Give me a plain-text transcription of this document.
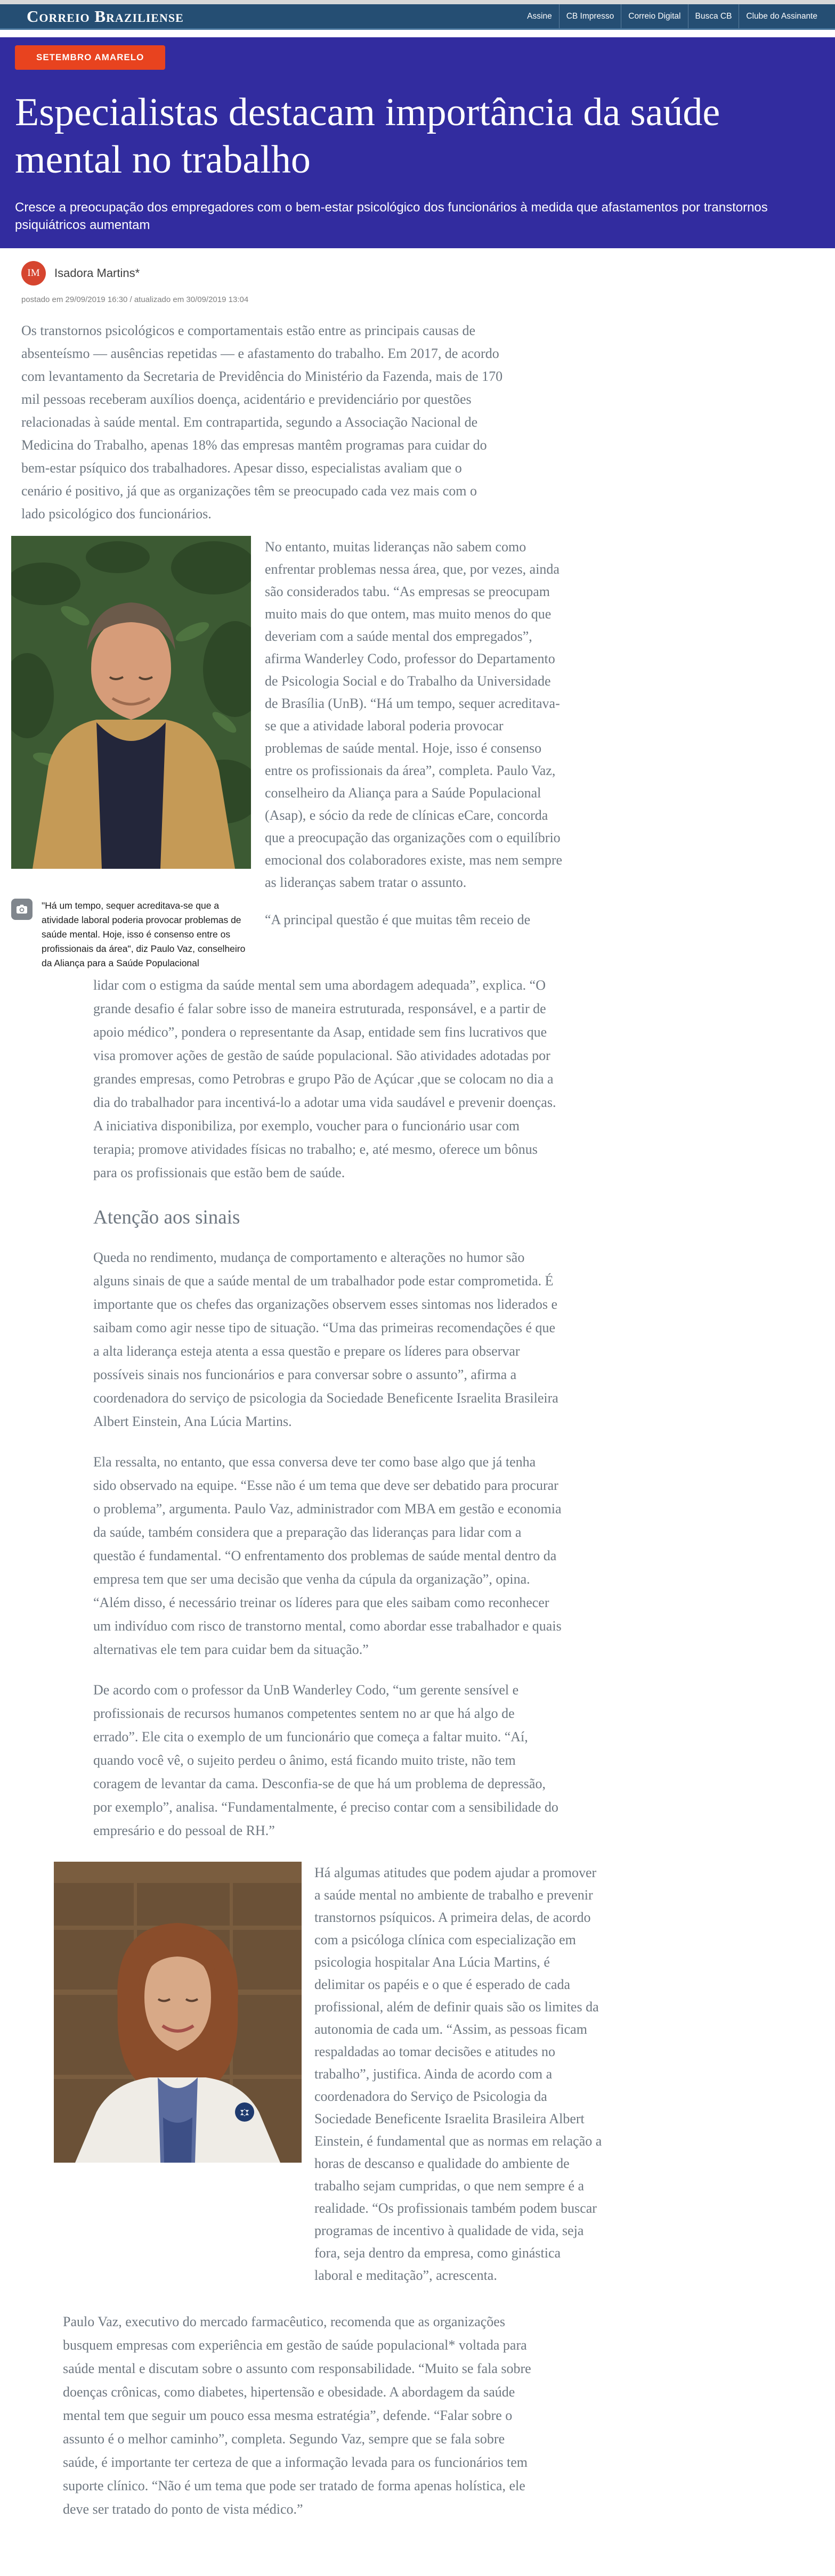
Correio Braziliense	Assine	CB Impresso	Correio Digital	Busca CB	Clube do Assinante
SETEMBRO AMARELO
Especialistas destacam importância da saúde mental no trabalho

Cresce a preocupação dos empregadores com o bem-estar psicológico dos funcionários à medida que afastamentos por transtornos psiquiátricos aumentam

IM	Isadora Martins*
postado em 29/09/2019 16:30 / atualizado em 30/09/2019 13:04

Os transtornos psicológicos e comportamentais estão entre as principais causas de absenteísmo — ausências repetidas — e afastamento do trabalho. Em 2017, de acordo com levantamento da Secretaria de Previdência do Ministério da Fazenda, mais de 170 mil pessoas receberam auxílios doença, acidentário e previdenciário por questões relacionadas à saúde mental. Em contrapartida, segundo a Associação Nacional de Medicina do Trabalho, apenas 18% das empresas mantêm programas para cuidar do bem-estar psíquico dos trabalhadores. Apesar disso, especialistas avaliam que o cenário é positivo, já que as organizações têm se preocupado cada vez mais com o lado psicológico dos funcionários.

"Há um tempo, sequer acreditava-se que a atividade laboral poderia provocar problemas de saúde mental. Hoje, isso é consenso entre os profissionais da área", diz Paulo Vaz, conselheiro da Aliança para a Saúde Populacional

No entanto, muitas lideranças não sabem como enfrentar problemas nessa área, que, por vezes, ainda são considerados tabu. “As empresas se preocupam muito mais do que ontem, mas muito menos do que deveriam com a saúde mental dos empregados”, afirma Wanderley Codo, professor do Departamento de Psicologia Social e do Trabalho da Universidade de Brasília (UnB). “Há um tempo, sequer acreditava-se que a atividade laboral poderia provocar problemas de saúde mental. Hoje, isso é consenso entre os profissionais da área”, completa. Paulo Vaz, conselheiro da Aliança para a Saúde Populacional (Asap), e sócio da rede de clínicas eCare, concorda que a preocupação das organizações com o equilíbrio emocional dos colaboradores existe, mas nem sempre as lideranças sabem tratar o assunto.

“A principal questão é que muitas têm receio de

lidar com o estigma da saúde mental sem uma abordagem adequada”, explica. “O grande desafio é falar sobre isso de maneira estruturada, responsável, e a partir de apoio médico”, pondera o representante da Asap, entidade sem fins lucrativos que visa promover ações de gestão de saúde populacional. São atividades adotadas por grandes empresas, como Petrobras e grupo Pão de Açúcar ,que se colocam no dia a dia do trabalhador para incentivá-lo a adotar uma vida saudável e prevenir doenças. A iniciativa disponibiliza, por exemplo, voucher para o funcionário usar com terapia; promove atividades físicas no trabalho; e, até mesmo, oferece um bônus para os profissionais que estão bem de saúde.

Atenção aos sinais

Queda no rendimento, mudança de comportamento e alterações no humor são alguns sinais de que a saúde mental de um trabalhador pode estar comprometida. É importante que os chefes das organizações observem esses sintomas nos liderados e saibam como agir nesse tipo de situação. “Uma das primeiras recomendações é que a alta liderança esteja atenta a essa questão e prepare os líderes para observar possíveis sinais nos funcionários e para conversar sobre o assunto”, afirma a coordenadora do serviço de psicologia da Sociedade Beneficente Israelita Brasileira Albert Einstein, Ana Lúcia Martins.

Ela ressalta, no entanto, que essa conversa deve ter como base algo que já tenha sido observado na equipe. “Esse não é um tema que deve ser debatido para procurar o problema”, argumenta. Paulo Vaz, administrador com MBA em gestão e economia da saúde, também considera que a preparação das lideranças para lidar com a questão é fundamental. “O enfrentamento dos problemas de saúde mental dentro da empresa tem que ser uma decisão que venha da cúpula da organização”, opina. “Além disso, é necessário treinar os líderes para que eles saibam como reconhecer um indivíduo com risco de transtorno mental, como abordar esse trabalhador e quais alternativas ele tem para cuidar bem da situação.”

De acordo com o professor da UnB Wanderley Codo, “um gerente sensível e profissionais de recursos humanos competentes sentem no ar que há algo de errado”. Ele cita o exemplo de um funcionário que começa a faltar muito. “Aí, quando você vê, o sujeito perdeu o ânimo, está ficando muito triste, não tem coragem de levantar da cama. Desconfia-se de que há um problema de depressão, por exemplo”, analisa. “Fundamentalmente, é preciso contar com a sensibilidade do empresário e do pessoal de RH.”

Há algumas atitudes que podem ajudar a promover a saúde mental no ambiente de trabalho e prevenir transtornos psíquicos. A primeira delas, de acordo com a psicóloga clínica com especialização em psicologia hospitalar Ana Lúcia Martins, é delimitar os papéis e o que é esperado de cada profissional, além de definir quais são os limites da autonomia de cada um. “Assim, as pessoas ficam respaldadas ao tomar decisões e atitudes no trabalho”, justifica. Ainda de acordo com a coordenadora do Serviço de Psicologia da Sociedade Beneficente Israelita Brasileira Albert Einstein, é fundamental que as normas em relação a horas de descanso e qualidade do ambiente de trabalho sejam cumpridas, o que nem sempre é a realidade. “Os profissionais também podem buscar programas de incentivo à qualidade de vida, seja fora, seja dentro da empresa, como ginástica laboral e meditação”, acrescenta.

Paulo Vaz, executivo do mercado farmacêutico, recomenda que as organizações busquem empresas com experiência em gestão de saúde populacional* voltada para saúde mental e discutam sobre o assunto com responsabilidade. “Muito se fala sobre doenças crônicas, como diabetes, hipertensão e obesidade. A abordagem da saúde mental tem que seguir um pouco essa mesma estratégia”, defende. “Falar sobre o assunto é o melhor caminho”, completa. Segundo Vaz, sempre que se fala sobre saúde, é importante ter certeza de que a informação levada para os funcionários tem suporte clínico. “Não é um tema que pode ser tratado de forma apenas holística, ele deve ser tratado do ponto de vista médico.”
